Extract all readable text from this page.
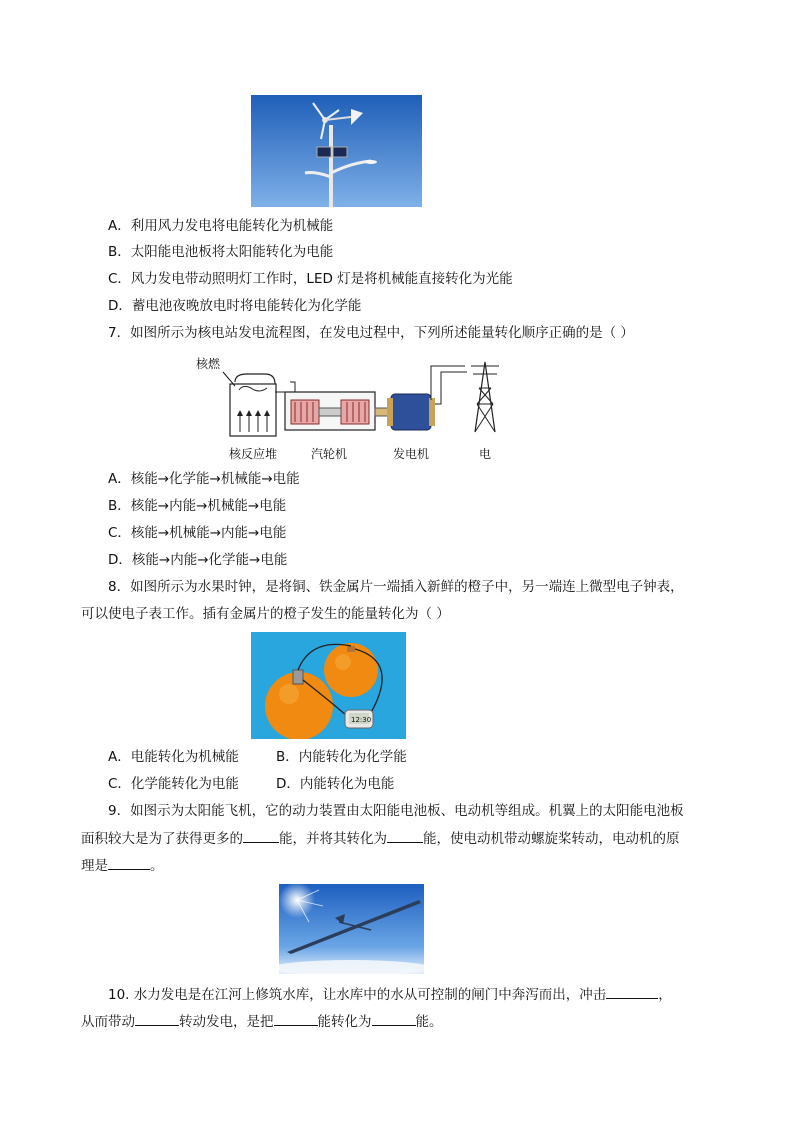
A．利用风力发电将电能转化为机械能
B．太阳能电池板将太阳能转化为电能
C．风力发电带动照明灯工作时，LED 灯是将机械能直接转化为光能
D．蓄电池夜晚放电时将电能转化为化学能
7．如图所示为核电站发电流程图，在发电过程中，下列所述能量转化顺序正确的是（ ）
核燃
核反应堆	汽轮机	发电机	电
A．核能→化学能→机械能→电能
B．核能→内能→机械能→电能
C．核能→机械能→内能→电能
D．核能→内能→化学能→电能
8．如图所示为水果时钟，是将铜、铁金属片一端插入新鲜的橙子中，另一端连上微型电子钟表，
可以使电子表工作。插有金属片的橙子发生的能量转化为（ ）
12:30
A．电能转化为机械能	B．内能转化为化学能
C．化学能转化为电能	D．内能转化为电能
9．如图示为太阳能飞机，它的动力装置由太阳能电池板、电动机等组成。机翼上的太阳能电池板
面积较大是为了获得更多的	能，并将其转化为	能，使电动机带动螺旋桨转动，电动机的原
理是	。
10. 水力发电是在江河上修筑水库，让水库中的水从可控制的闸门中奔泻而出，冲击	，
从而带动	转动发电，是把	能转化为	能。
